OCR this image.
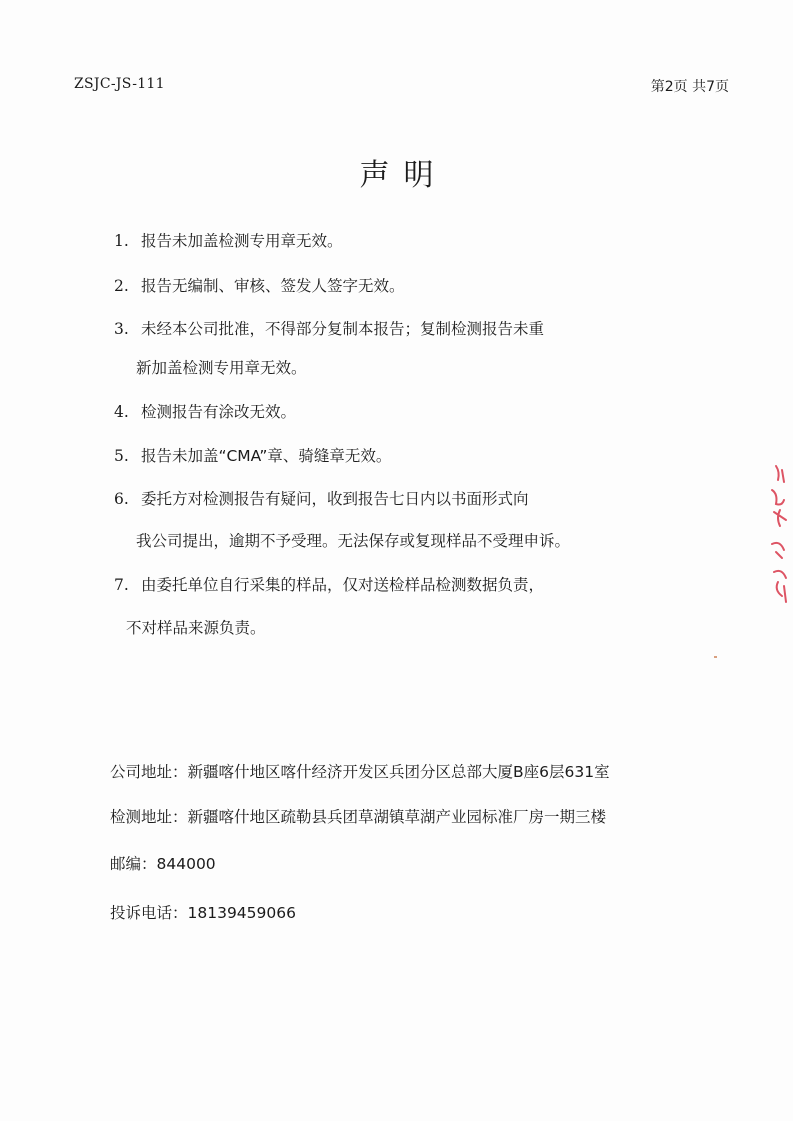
ZSJC-JS-111	第2页 共7页
声明
1. 报告未加盖检测专用章无效。
2. 报告无编制、审核、签发人签字无效。
3. 未经本公司批准，不得部分复制本报告；复制检测报告未重
新加盖检测专用章无效。
4. 检测报告有涂改无效。
5. 报告未加盖“CMA”章、骑缝章无效。
6. 委托方对检测报告有疑问，收到报告七日内以书面形式向
我公司提出，逾期不予受理。无法保存或复现样品不受理申诉。
7. 由委托单位自行采集的样品，仅对送检样品检测数据负责，
不对样品来源负责。
公司地址：新疆喀什地区喀什经济开发区兵团分区总部大厦B座6层631室
检测地址：新疆喀什地区疏勒县兵团草湖镇草湖产业园标准厂房一期三楼
邮编：844000
投诉电话：18139459066
